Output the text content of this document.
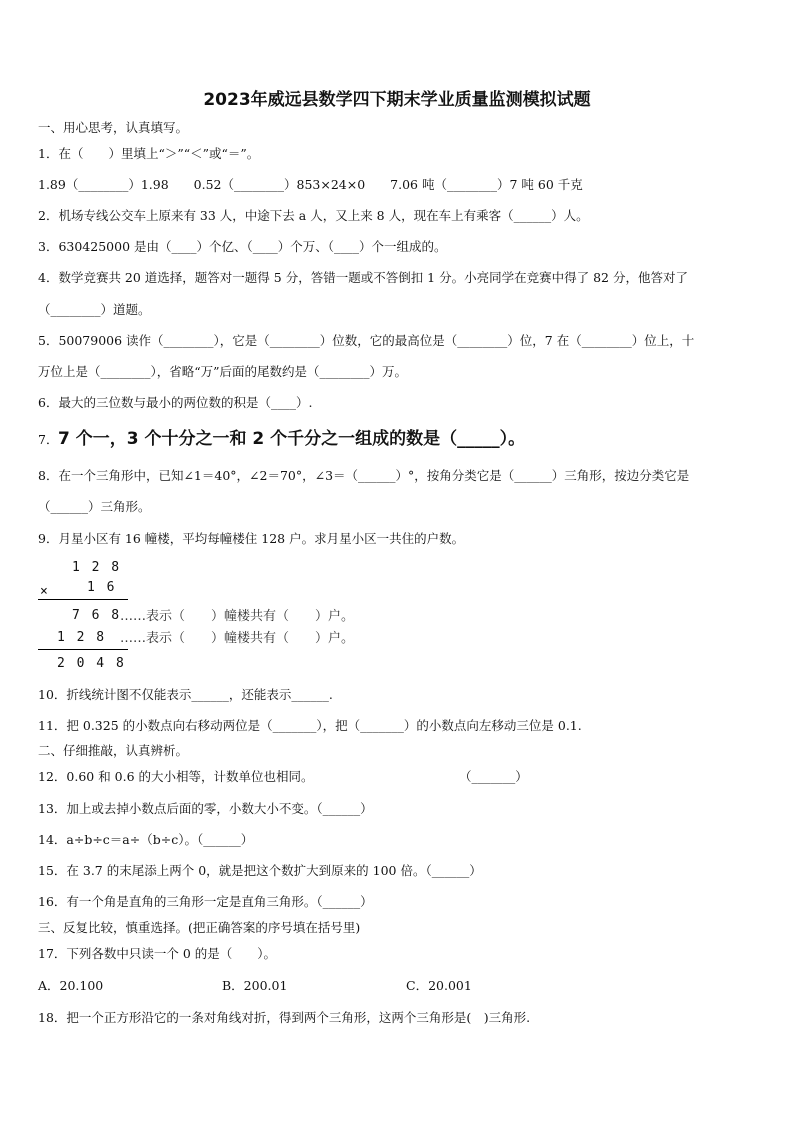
2023年威远县数学四下期末学业质量监测模拟试题
一、用心思考，认真填写。
1．在（　　）里填上“＞”“＜”或“＝”。
1.89（________）1.98　　0.52（________）853×24×0　　7.06 吨（________）7 吨 60 千克
2．机场专线公交车上原来有 33 人，中途下去 a 人，又上来 8 人，现在车上有乘客（______）人。
3．630425000 是由（____）个亿、（____）个万、（____）个一组成的。
4．数学竞赛共 20 道选择，题答对一题得 5 分，答错一题或不答倒扣 1 分。小亮同学在竞赛中得了 82 分，他答对了
（________）道题。
5．50079006 读作（________），它是（________）位数，它的最高位是（________）位，7 在（________）位上，十
万位上是（________），省略“万”后面的尾数约是（________）万。
6．最大的三位数与最小的两位数的积是（____）.
7． 7 个一，3 个十分之一和 2 个千分之一组成的数是（_____）。
8．在一个三角形中，已知∠1＝40°，∠2＝70°，∠3＝（______）°，按角分类它是（______）三角形，按边分类它是
（______）三角形。
9．月星小区有 16 幢楼，平均每幢楼住 128 户。求月星小区一共住的户数。
1 2 8
×	1 6
7 6 8
……表示（　　）幢楼共有（　　）户。
1 2 8 ……表示（　　）幢楼共有（　　）户。
2 0 4 8
10．折线统计图不仅能表示______，还能表示______.
11．把 0.325 的小数点向右移动两位是（_______），把（_______）的小数点向左移动三位是 0.1.
二、仔细推敲，认真辨析。
12．0.60 和 0.6 的大小相等，计数单位也相同。	（_______）
13．加上或去掉小数点后面的零，小数大小不变。（______）
14．a÷b÷c＝a÷（b÷c）。（______）
15．在 3.7 的末尾添上两个 0，就是把这个数扩大到原来的 100 倍。（______）
16．有一个角是直角的三角形一定是直角三角形。（______）
三、反复比较，慎重选择。(把正确答案的序号填在括号里)
17．下列各数中只读一个 0 的是（　　）。
A．20.100	B．200.01	C．20.001
18．把一个正方形沿它的一条对角线对折，得到两个三角形，这两个三角形是(　)三角形.
